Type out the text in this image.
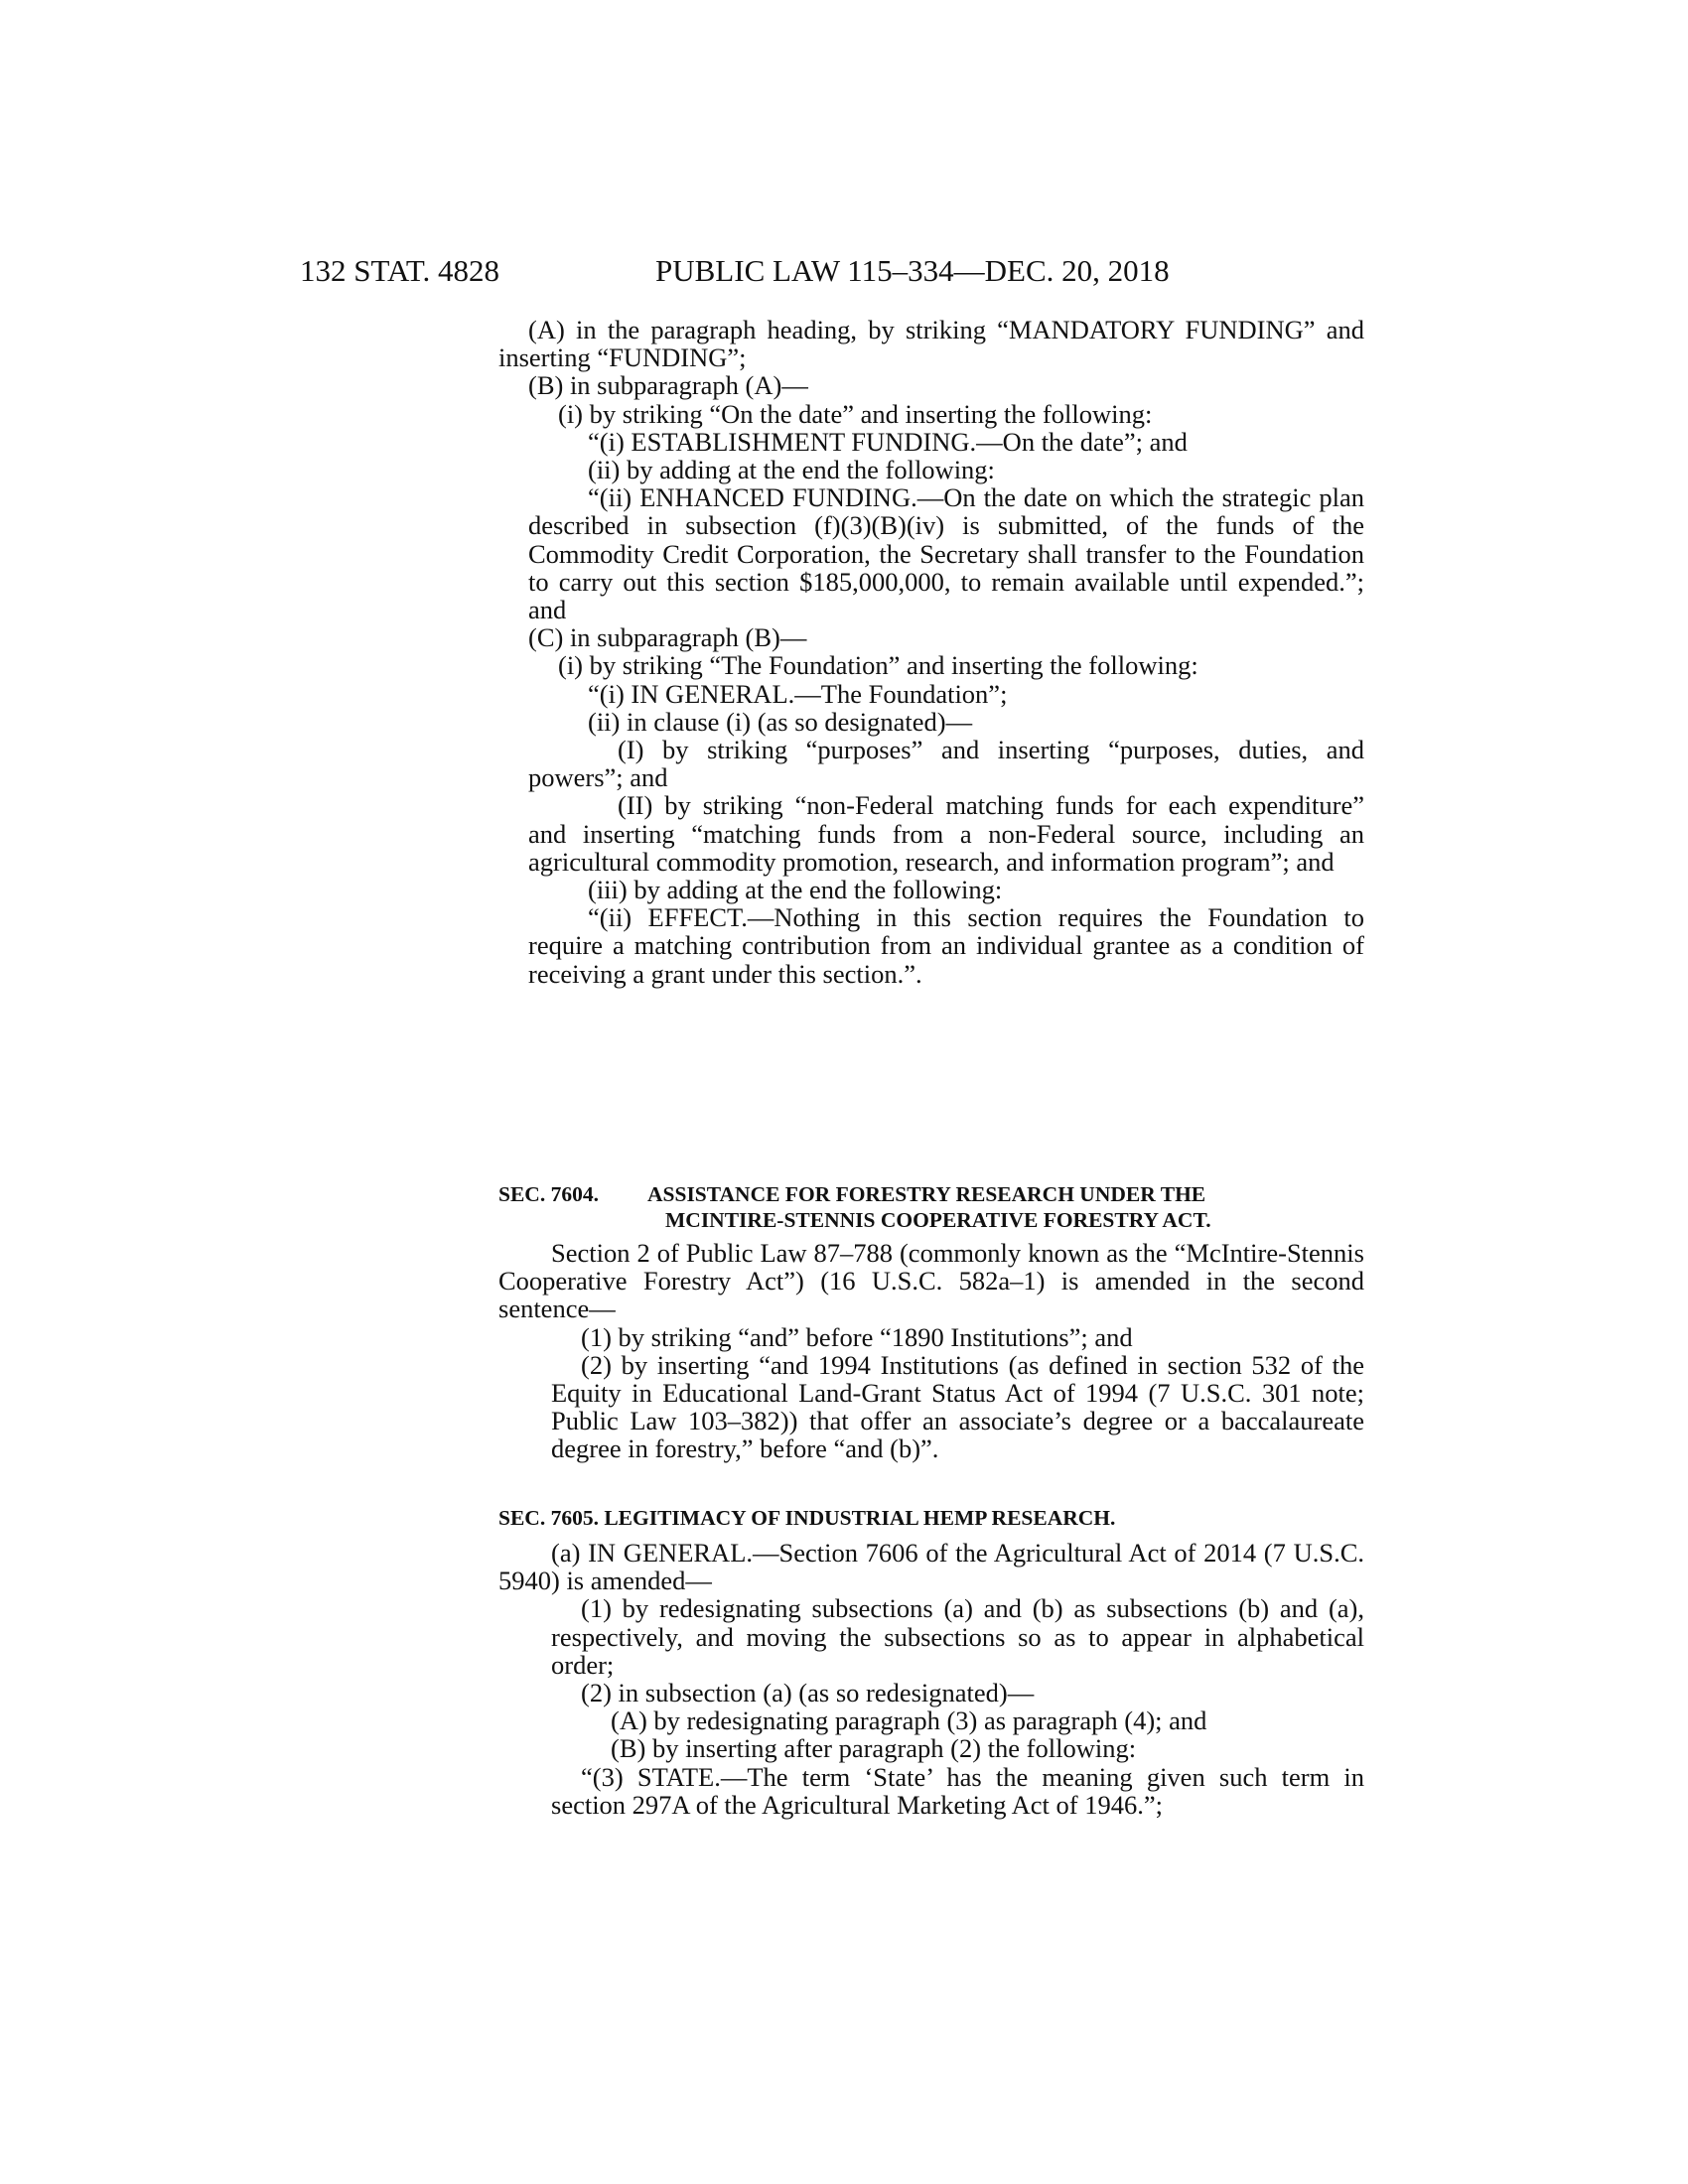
132 STAT. 4828	PUBLIC LAW 115–334—DEC. 20, 2018

(A) in the paragraph heading, by striking “MANDATORY FUNDING” and inserting “FUNDING”;

(B) in subparagraph (A)—

(i) by striking “On the date” and inserting the following:

“(i) ESTABLISHMENT FUNDING.—On the date”; and

(ii) by adding at the end the following:

“(ii) ENHANCED FUNDING.—On the date on which the strategic plan described in subsection (f)(3)(B)(iv) is submitted, of the funds of the Commodity Credit Corporation, the Secretary shall transfer to the Foundation to carry out this section $185,000,000, to remain available until expended.”; and

(C) in subparagraph (B)—

(i) by striking “The Foundation” and inserting the following:

“(i) IN GENERAL.—The Foundation”;

(ii) in clause (i) (as so designated)—

(I) by striking “purposes” and inserting “purposes, duties, and powers”; and

(II) by striking “non-Federal matching funds for each expenditure” and inserting “matching funds from a non-Federal source, including an agricultural commodity promotion, research, and information program”; and

(iii) by adding at the end the following:

“(ii) EFFECT.—Nothing in this section requires the Foundation to require a matching contribution from an individual grantee as a condition of receiving a grant under this section.”.

SEC. 7604. ASSISTANCE FOR FORESTRY RESEARCH UNDER THE
MCINTIRE-STENNIS COOPERATIVE FORESTRY ACT.

Section 2 of Public Law 87–788 (commonly known as the “McIntire-Stennis Cooperative Forestry Act”) (16 U.S.C. 582a–1) is amended in the second sentence—

(1) by striking “and” before “1890 Institutions”; and

(2) by inserting “and 1994 Institutions (as defined in section 532 of the Equity in Educational Land-Grant Status Act of 1994 (7 U.S.C. 301 note; Public Law 103–382)) that offer an associate’s degree or a baccalaureate degree in forestry,” before “and (b)”.

SEC. 7605. LEGITIMACY OF INDUSTRIAL HEMP RESEARCH.

(a) IN GENERAL.—Section 7606 of the Agricultural Act of 2014 (7 U.S.C. 5940) is amended—

(1) by redesignating subsections (a) and (b) as subsections (b) and (a), respectively, and moving the subsections so as to appear in alphabetical order;

(2) in subsection (a) (as so redesignated)—

(A) by redesignating paragraph (3) as paragraph (4); and

(B) by inserting after paragraph (2) the following:

“(3) STATE.—The term ‘State’ has the meaning given such term in section 297A of the Agricultural Marketing Act of 1946.”;
